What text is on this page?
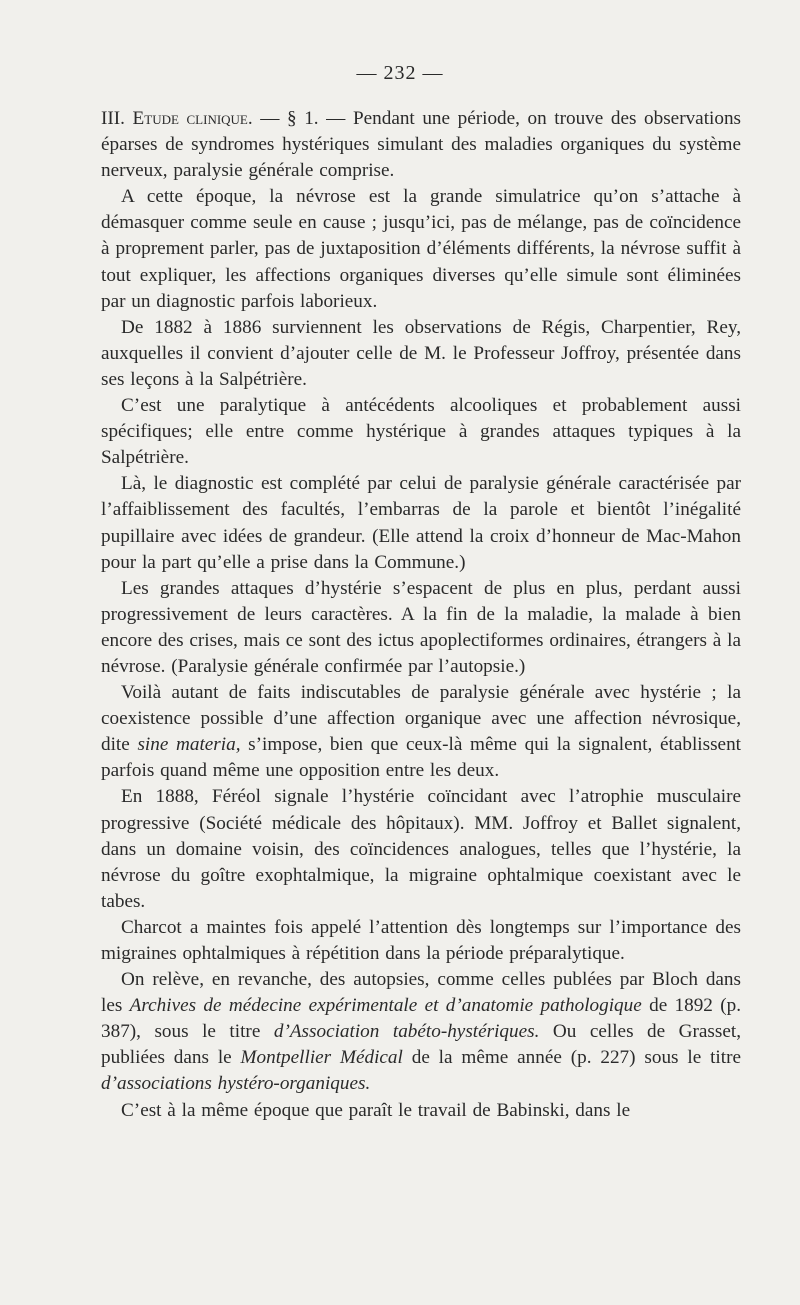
— 232 —

III. Etude clinique. — § 1. — Pendant une période, on trouve des observations éparses de syndromes hystériques simulant des maladies organiques du système nerveux, paralysie générale comprise.

A cette époque, la névrose est la grande simulatrice qu’on s’attache à démasquer comme seule en cause ; jusqu’ici, pas de mélange, pas de coïncidence à proprement parler, pas de juxtaposition d’éléments différents, la névrose suffit à tout expliquer, les affections organiques diverses qu’elle simule sont éliminées par un diagnostic parfois laborieux.

De 1882 à 1886 surviennent les observations de Régis, Charpentier, Rey, auxquelles il convient d’ajouter celle de M. le Professeur Joffroy, présentée dans ses leçons à la Salpétrière.

C’est une paralytique à antécédents alcooliques et probablement aussi spécifiques; elle entre comme hystérique à grandes attaques typiques à la Salpétrière.

Là, le diagnostic est complété par celui de paralysie générale caractérisée par l’affaiblissement des facultés, l’embarras de la parole et bientôt l’inégalité pupillaire avec idées de grandeur. (Elle attend la croix d’honneur de Mac-Mahon pour la part qu’elle a prise dans la Commune.)

Les grandes attaques d’hystérie s’espacent de plus en plus, perdant aussi progressivement de leurs caractères. A la fin de la maladie, la malade à bien encore des crises, mais ce sont des ictus apoplectiformes ordinaires, étrangers à la névrose. (Paralysie générale confirmée par l’autopsie.)

Voilà autant de faits indiscutables de paralysie générale avec hystérie ; la coexistence possible d’une affection organique avec une affection névrosique, dite sine materia, s’impose, bien que ceux-là même qui la signalent, établissent parfois quand même une opposition entre les deux.

En 1888, Féréol signale l’hystérie coïncidant avec l’atrophie musculaire progressive (Société médicale des hôpitaux). MM. Joffroy et Ballet signalent, dans un domaine voisin, des coïncidences analogues, telles que l’hystérie, la névrose du goître exophtalmique, la migraine ophtalmique coexistant avec le tabes.

Charcot a maintes fois appelé l’attention dès longtemps sur l’importance des migraines ophtalmiques à répétition dans la période préparalytique.

On relève, en revanche, des autopsies, comme celles publées par Bloch dans les Archives de médecine expérimentale et d’anatomie pathologique de 1892 (p. 387), sous le titre d’Association tabéto-hystériques. Ou celles de Grasset, publiées dans le Montpellier Médical de la même année (p. 227) sous le titre d’associations hystéro-organiques.

C’est à la même époque que paraît le travail de Babinski, dans le
